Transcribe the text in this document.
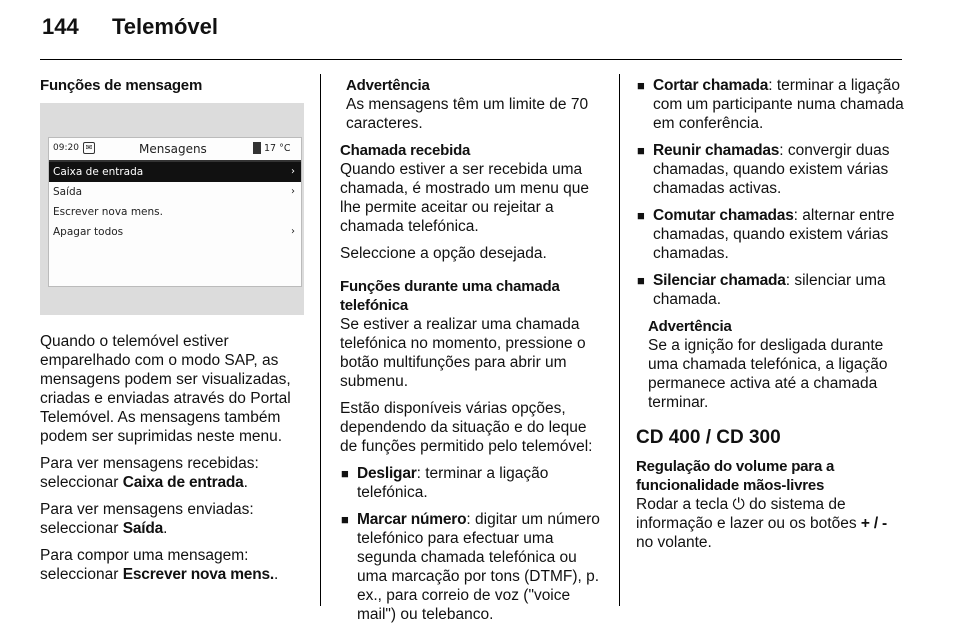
144 Telemóvel

Funções de mensagem

09:20 ✉	Mensagens	17 °C
Caixa de entrada	›
Saída	›
Escrever nova mens.
Apagar todos	›

Quando o telemóvel estiver emparelhado com o modo SAP, as mensagens podem ser visualizadas, criadas e enviadas através do Portal Telemóvel. As mensagens também podem ser suprimidas neste menu.

Para ver mensagens recebidas: seleccionar Caixa de entrada.

Para ver mensagens enviadas: seleccionar Saída.

Para compor uma mensagem: seleccionar Escrever nova mens..

Advertência
As mensagens têm um limite de 70 caracteres.
Chamada recebida

Quando estiver a ser recebida uma chamada, é mostrado um menu que lhe permite aceitar ou rejeitar a chamada telefónica.

Seleccione a opção desejada.

Funções durante uma chamada telefónica

Se estiver a realizar uma chamada telefónica no momento, pressione o botão multifunções para abrir um submenu.

Estão disponíveis várias opções, dependendo da situação e do leque de funções permitido pelo telemóvel:

■ Desligar: terminar a ligação telefónica.
■ Marcar número: digitar um número telefónico para efectuar uma segunda chamada telefónica ou uma marcação por tons (DTMF), p. ex., para correio de voz ("voice mail") ou telebanco.
■ Cortar chamada: terminar a ligação com um participante numa chamada em conferência.
■ Reunir chamadas: convergir duas chamadas, quando existem várias chamadas activas.
■ Comutar chamadas: alternar entre chamadas, quando existem várias chamadas.
■ Silenciar chamada: silenciar uma chamada.
Advertência
Se a ignição for desligada durante uma chamada telefónica, a ligação permanece activa até a chamada terminar.
CD 400 / CD 300
Regulação do volume para a funcionalidade mãos-livres

Rodar a tecla ⏻ do sistema de informação e lazer ou os botões + / - no volante.
